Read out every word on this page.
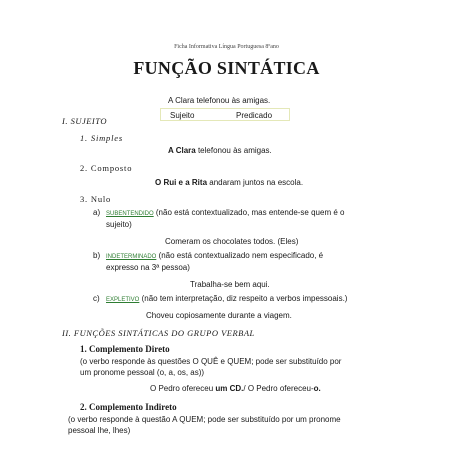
Ficha Informativa Língua Portuguesa 8ºano
FUNÇÃO SINTÁTICA
A Clara telefonou às amigas.
Sujeito	Predicado
I. SUJEITO
1. Simples
A Clara telefonou às amigas.
2. Composto
O Rui e a Rita andaram juntos na escola.
3. Nulo
a) SUBENTENDIDO (não está contextualizado, mas entende-se quem é o
sujeito)
Comeram os chocolates todos. (Eles)
b) INDETERMINADO (não está contextualizado nem especificado, é
expresso na 3ª pessoa)
Trabalha-se bem aqui.
c) EXPLETIVO (não tem interpretação, diz respeito a verbos impessoais.)
Choveu copiosamente durante a viagem.
II. FUNÇÕES SINTÁTICAS DO GRUPO VERBAL
1. Complemento Direto
(o verbo responde às questões O QUÊ e QUEM; pode ser substituído por
um pronome pessoal (o, a, os, as))
O Pedro ofereceu um CD./ O Pedro ofereceu-o.
2. Complemento Indireto
(o verbo responde à questão A QUEM; pode ser substituído por um pronome
pessoal lhe, lhes)
